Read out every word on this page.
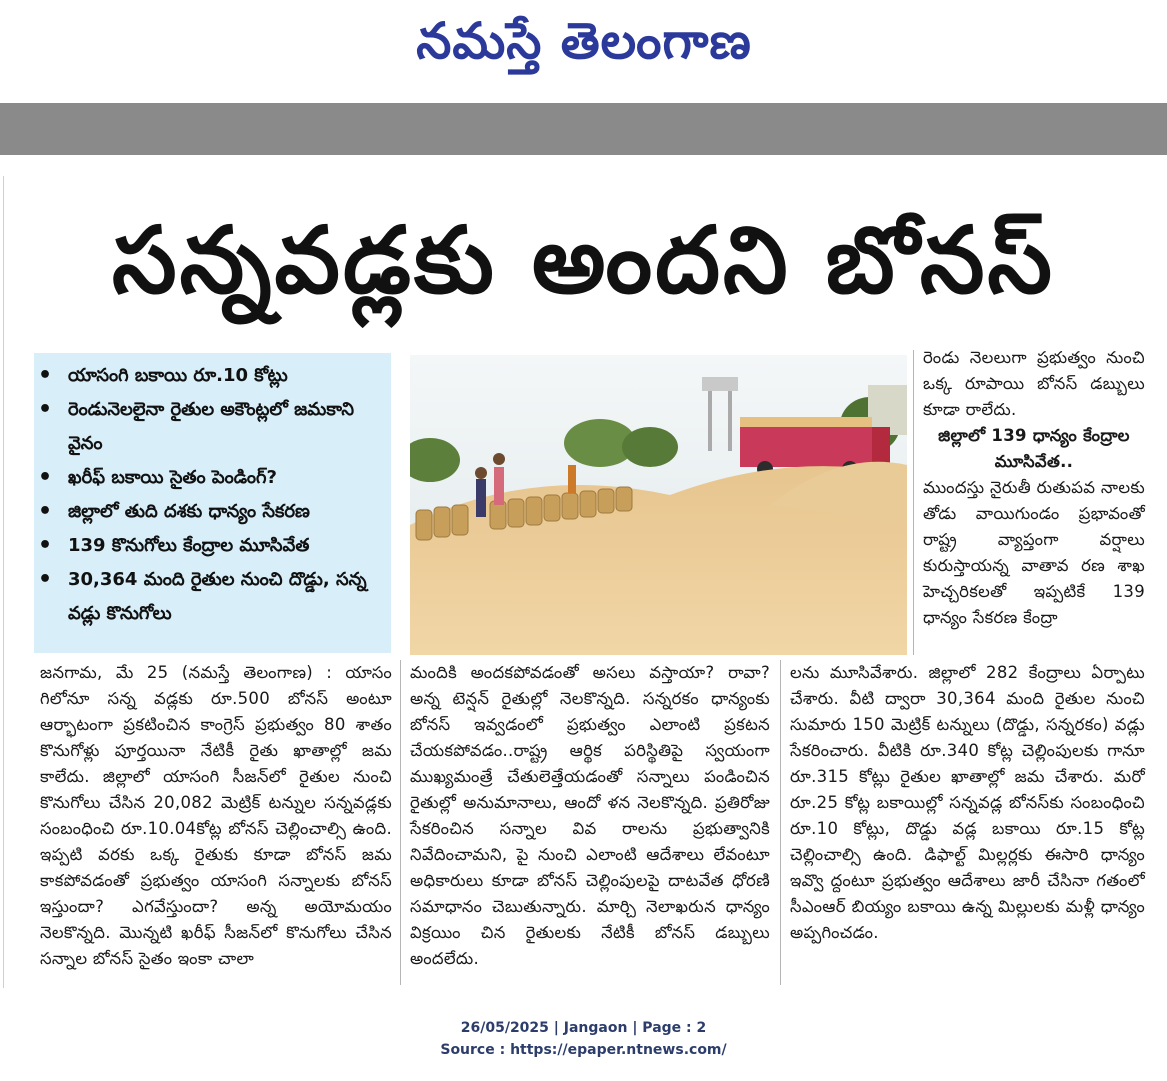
నమస్తే తెలంగాణ
సన్నవడ్లకు అందని బోనస్
• యాసంగి బకాయి రూ.10 కోట్లు
• రెండునెలలైనా రైతుల అకౌంట్లలో జమకాని వైనం
• ఖరీఫ్ బకాయి సైతం పెండింగ్?
• జిల్లాలో తుది దశకు ధాన్యం సేకరణ
• 139 కొనుగోలు కేంద్రాల మూసివేత
• 30,364 మంది రైతుల నుంచి దొడ్డు, సన్న వడ్లు కొనుగోలు

రెండు నెలలుగా ప్రభుత్వం నుంచి ఒక్క రూపాయి బోనస్ డబ్బులు కూడా రాలేదు.

జిల్లాలో 139 ధాన్యం కేంద్రాల మూసివేత..

ముందస్తు నైరుతీ రుతుపవ నాలకు తోడు వాయిగుండం ప్రభావంతో రాష్ట్ర వ్యాప్తంగా వర్షాలు కురుస్తాయన్న వాతావ రణ శాఖ హెచ్చరికలతో ఇప్పటికే 139 ధాన్యం సేకరణ కేంద్రా

జనగామ, మే 25 (నమస్తే తెలంగాణ) : యాసం గిలోనూ సన్న వడ్లకు రూ.500 బోనస్ అంటూ ఆర్భాటంగా ప్రకటించిన కాంగ్రెస్ ప్రభుత్వం 80 శాతం కొనుగోళ్లు పూర్తయినా నేటికీ రైతు ఖాతాల్లో జమ కాలేదు. జిల్లాలో యాసంగి సీజన్‌లో రైతుల నుంచి కొనుగోలు చేసిన 20,082 మెట్రిక్ టన్నుల సన్నవడ్లకు సంబంధించి రూ.10.04కోట్ల బోనస్ చెల్లించాల్సి ఉంది. ఇప్పటి వరకు ఒక్క రైతుకు కూడా బోనస్ జమ కాకపోవడంతో ప్రభుత్వం యాసంగి సన్నాలకు బోనస్ ఇస్తుందా? ఎగవేస్తుందా? అన్న అయోమయం నెలకొన్నది. మొన్నటి ఖరీఫ్ సీజన్‌లో కొనుగోలు చేసిన సన్నాల బోనస్ సైతం ఇంకా చాలా

మందికి అందకపోవడంతో అసలు వస్తాయా? రావా? అన్న టెన్షన్ రైతుల్లో నెలకొన్నది. సన్నరకం ధాన్యంకు బోనస్ ఇవ్వడంలో ప్రభుత్వం ఎలాంటి ప్రకటన చేయకపోవడం..రాష్ట్ర ఆర్థిక పరిస్థితిపై స్వయంగా ముఖ్యమంత్రే చేతులెత్తేయడంతో సన్నాలు పండించిన రైతుల్లో అనుమానాలు, ఆందో ళన నెలకొన్నది. ప్రతిరోజు సేకరించిన సన్నాల వివ రాలను ప్రభుత్వానికి నివేదించామని, పై నుంచి ఎలాంటి ఆదేశాలు లేవంటూ అధికారులు కూడా బోనస్ చెల్లింపులపై దాటవేత ధోరణి సమాధానం చెబుతున్నారు. మార్చి నెలాఖరున ధాన్యం విక్రయిం చిన రైతులకు నేటికీ బోనస్ డబ్బులు అందలేదు.

లను మూసివేశారు. జిల్లాలో 282 కేంద్రాలు ఏర్పాటు చేశారు. వీటి ద్వారా 30,364 మంది రైతుల నుంచి సుమారు 150 మెట్రిక్ టన్నులు (దొడ్డు, సన్నరకం) వడ్లు సేకరించారు. వీటికి రూ.340 కోట్ల చెల్లింపులకు గానూ రూ.315 కోట్లు రైతుల ఖాతాల్లో జమ చేశారు. మరో రూ.25 కోట్ల బకాయిల్లో సన్నవడ్ల బోనస్‌కు సంబంధించి రూ.10 కోట్లు, దొడ్డు వడ్ల బకాయి రూ.15 కోట్ల చెల్లించాల్సి ఉంది. డిఫాల్ట్ మిల్లర్లకు ఈసారి ధాన్యం ఇవ్వొ ద్దంటూ ప్రభుత్వం ఆదేశాలు జారీ చేసినా గతంలో సీఎంఆర్ బియ్యం బకాయి ఉన్న మిల్లులకు మళ్లీ ధాన్యం అప్పగించడం.

26/05/2025 | Jangaon | Page : 2
Source : https://epaper.ntnews.com/
